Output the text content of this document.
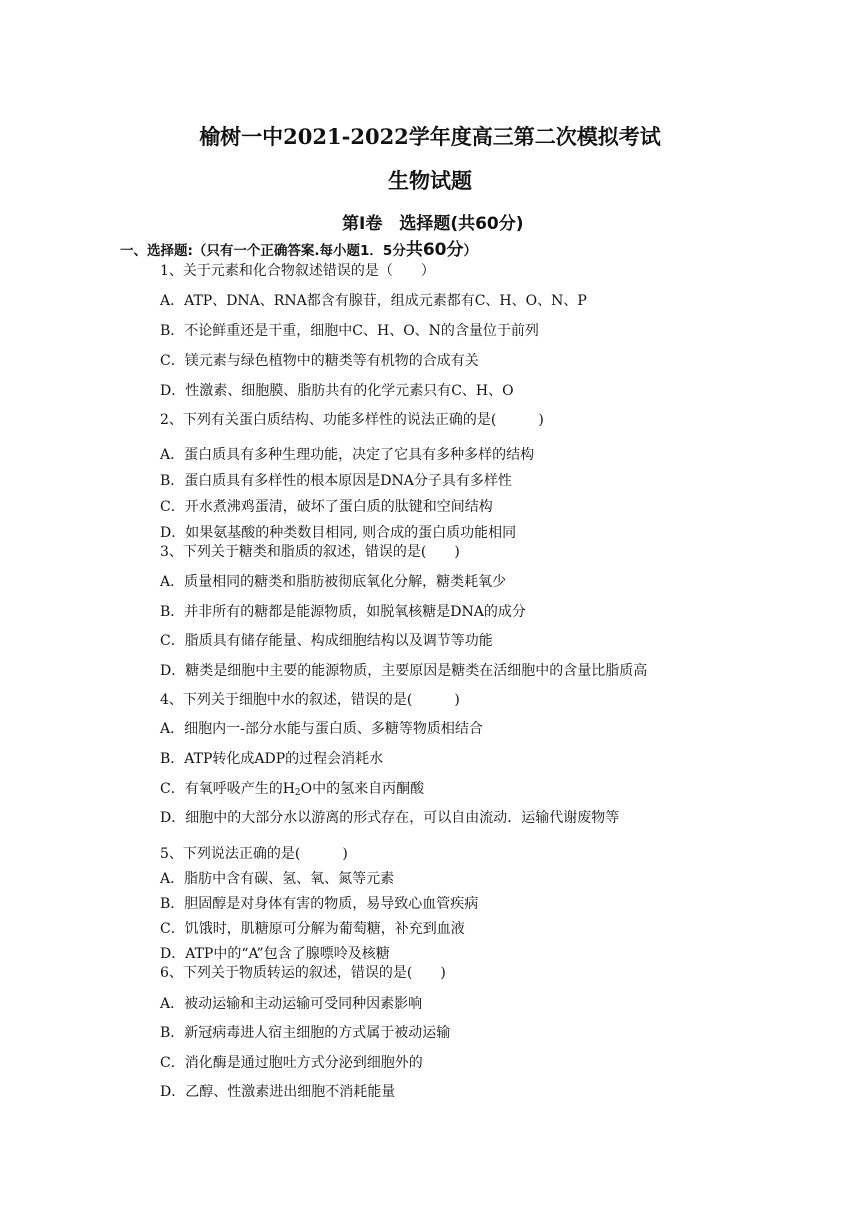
榆树一中2021-2022学年度高三第二次模拟考试
生物试题
第Ⅰ卷　选择题(共60分)
一、选择题:（只有一个正确答案.每小题1．5分共60分）
1、关于元素和化合物叙述错误的是（　　）
A．ATP、DNA、RNA都含有腺苷，组成元素都有C、H、O、N、P
B．不论鲜重还是干重，细胞中C、H、O、N的含量位于前列
C．镁元素与绿色植物中的糖类等有机物的合成有关
D．性激素、细胞膜、脂肪共有的化学元素只有C、H、O
2、下列有关蛋白质结构、功能多样性的说法正确的是(　　　)
A．蛋白质具有多种生理功能，决定了它具有多种多样的结构
B．蛋白质具有多样性的根本原因是DNA分子具有多样性
C．开水煮沸鸡蛋清，破坏了蛋白质的肽键和空间结构
D．如果氨基酸的种类数目相同, 则合成的蛋白质功能相同
3、下列关于糖类和脂质的叙述，错误的是(　　)
A．质量相同的糖类和脂肪被彻底氧化分解，糖类耗氧少
B．并非所有的糖都是能源物质，如脱氧核糖是DNA的成分
C．脂质具有储存能量、构成细胞结构以及调节等功能
D．糖类是细胞中主要的能源物质，主要原因是糖类在活细胞中的含量比脂质高
4、下列关于细胞中水的叙述，错误的是(　　　)
A．细胞内一-部分水能与蛋白质、多糖等物质相结合
B．ATP转化成ADP的过程会消耗水
C．有氧呼吸产生的$H_2O$中的氢来自丙酮酸
D．细胞中的大部分水以游离的形式存在，可以自由流动．运输代谢废物等
5、下列说法正确的是(　　　)
A．脂肪中含有碳、氢、氧、氮等元素
B．胆固醇是对身体有害的物质，易导致心血管疾病
C．饥饿时，肌糖原可分解为葡萄糖，补充到血液
D．ATP中的“A”包含了腺嘌呤及核糖
6、下列关于物质转运的叙述，错误的是(　　)
A．被动运输和主动运输可受同种因素影响
B．新冠病毒进人宿主细胞的方式属于被动运输
C．消化酶是通过胞吐方式分泌到细胞外的
D．乙醇、性激素进出细胞不消耗能量
